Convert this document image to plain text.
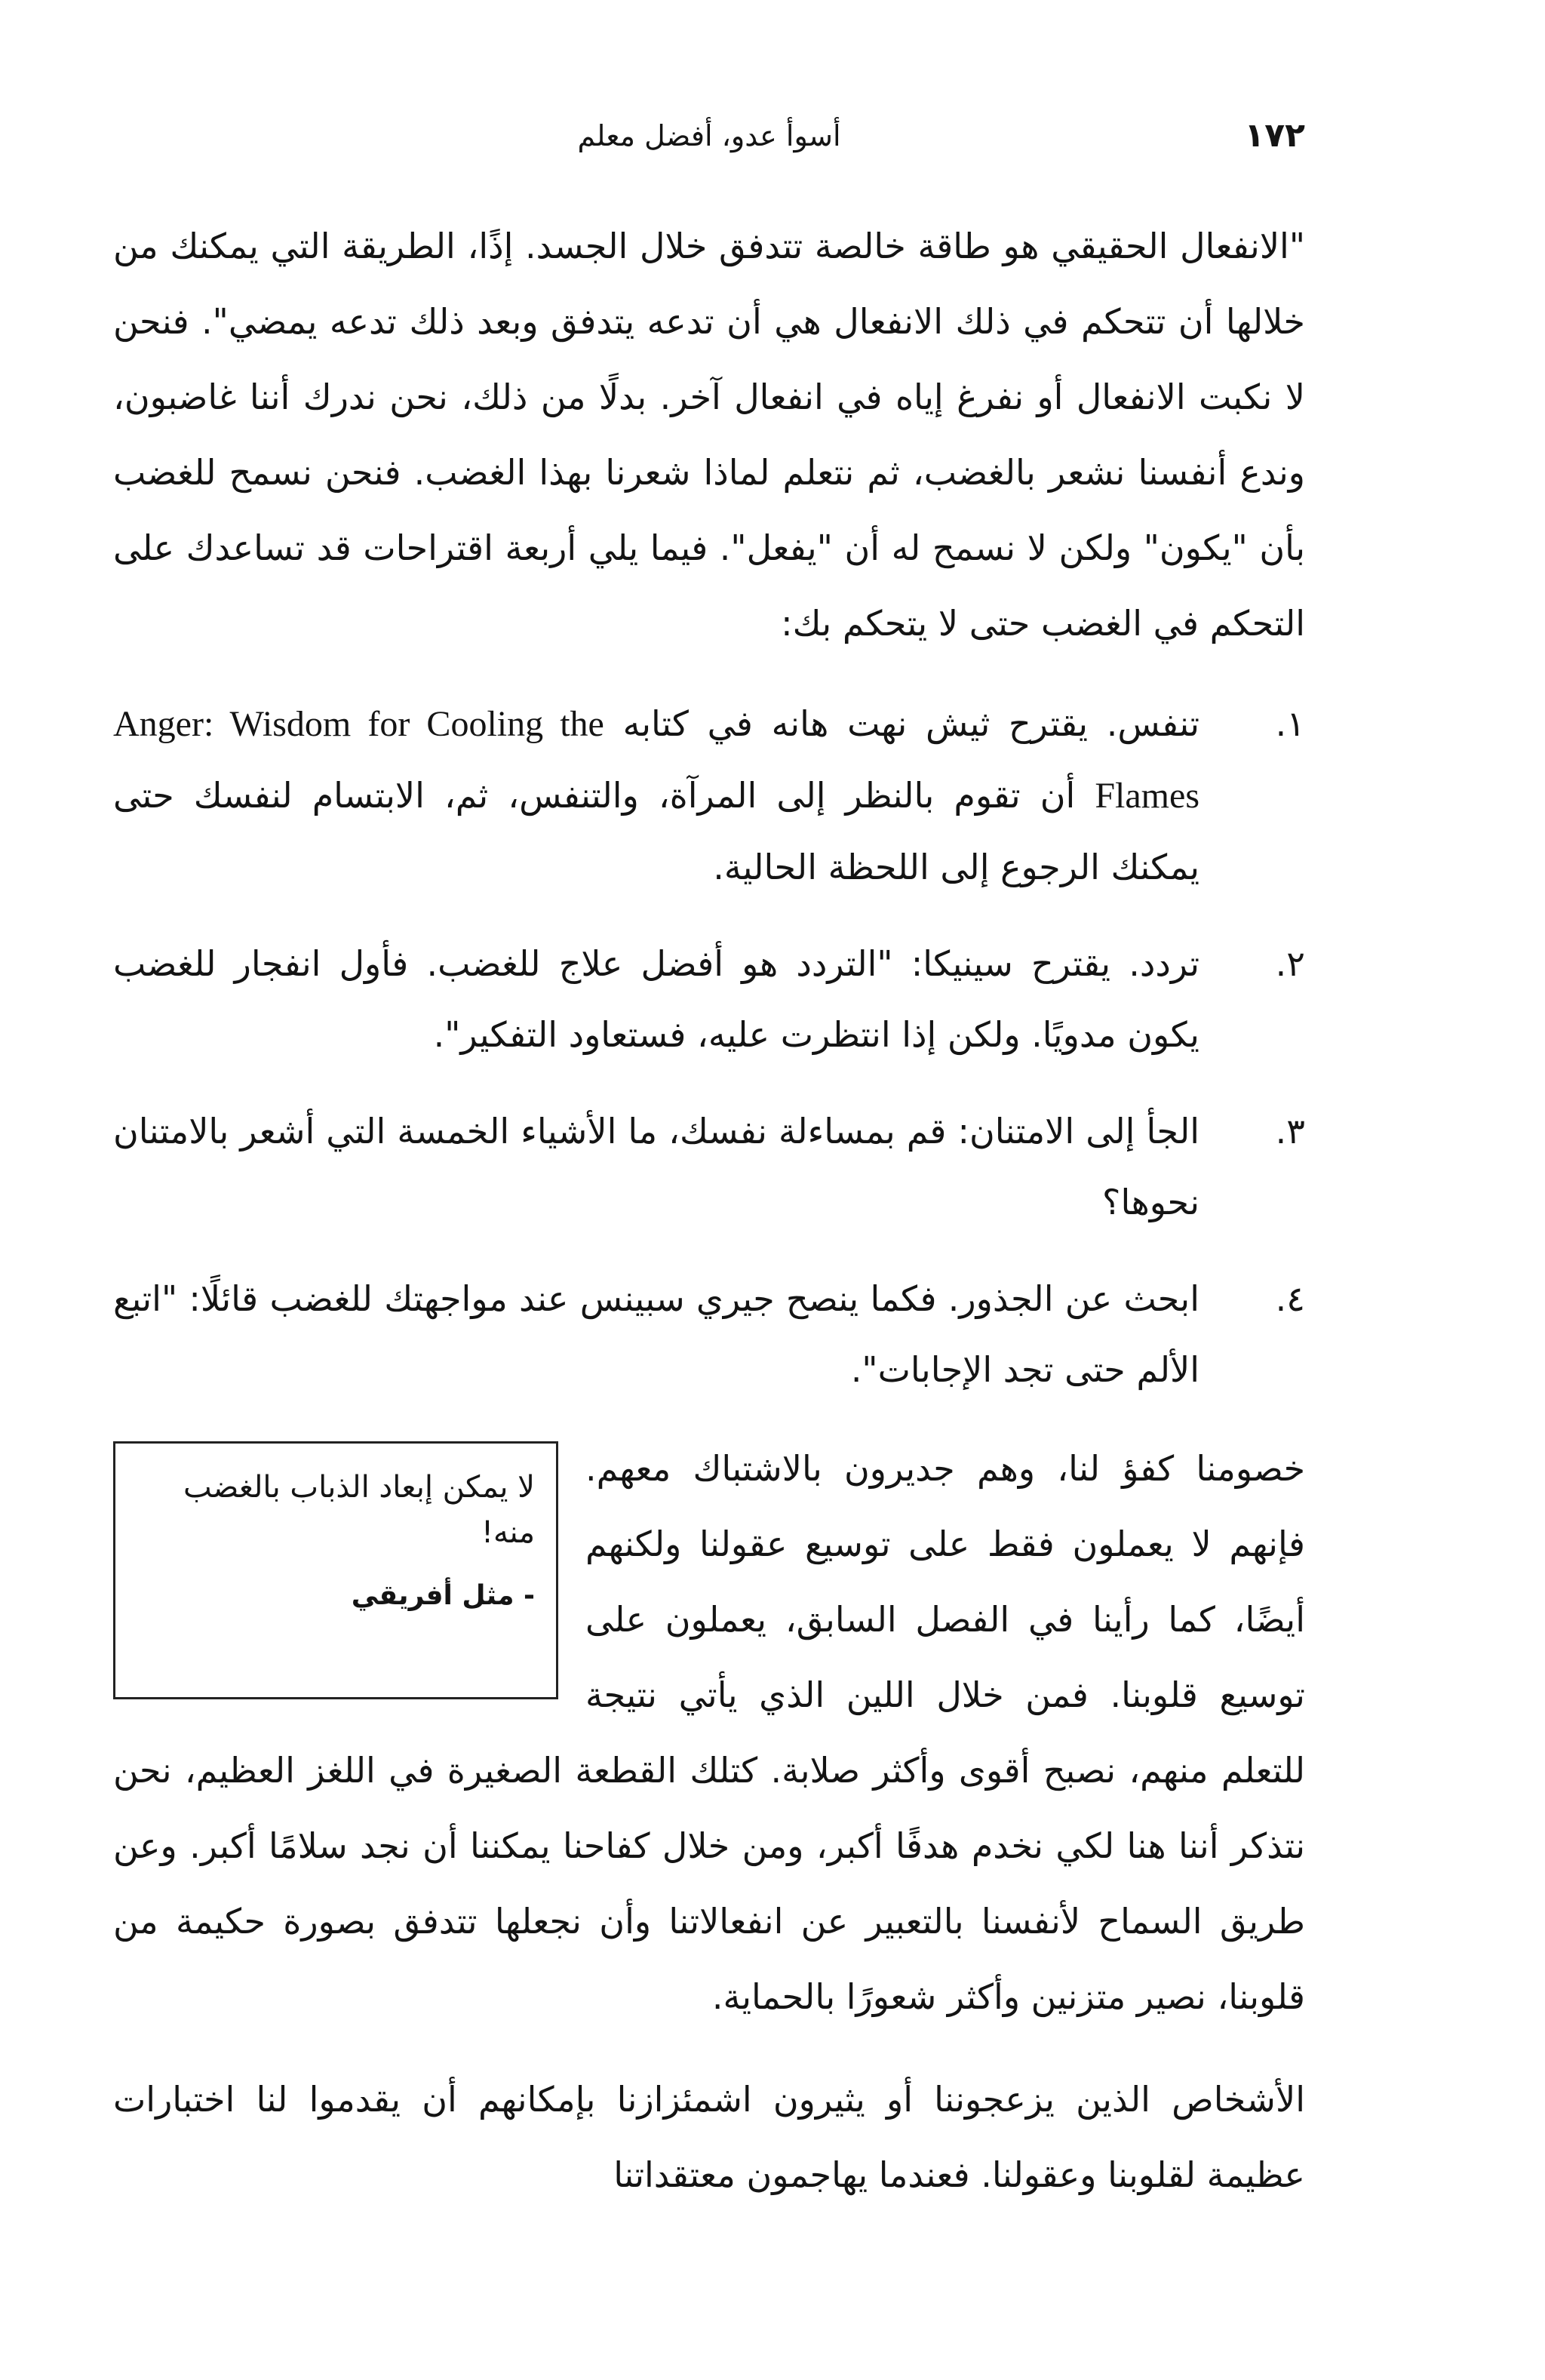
١٧٢
أسوأ عدو، أفضل معلم

"الانفعال الحقيقي هو طاقة خالصة تتدفق خلال الجسد. إذًا، الطريقة التي يمكنك من خلالها أن تتحكم في ذلك الانفعال هي أن تدعه يتدفق وبعد ذلك تدعه يمضي". فنحن لا نكبت الانفعال أو نفرغ إياه في انفعال آخر. بدلًا من ذلك، نحن ندرك أننا غاضبون، وندع أنفسنا نشعر بالغضب، ثم نتعلم لماذا شعرنا بهذا الغضب. فنحن نسمح للغضب بأن "يكون" ولكن لا نسمح له أن "يفعل". فيما يلي أربعة اقتراحات قد تساعدك على التحكم في الغضب حتى لا يتحكم بك:

١.
تنفس. يقترح ثيش نهت هانه في كتابه Anger: Wisdom for Cooling the Flames أن تقوم بالنظر إلى المرآة، والتنفس، ثم، الابتسام لنفسك حتى يمكنك الرجوع إلى اللحظة الحالية.
٢.
تردد. يقترح سينيكا: "التردد هو أفضل علاج للغضب. فأول انفجار للغضب يكون مدويًا. ولكن إذا انتظرت عليه، فستعاود التفكير".
٣.
الجأ إلى الامتنان: قم بمساءلة نفسك، ما الأشياء الخمسة التي أشعر بالامتنان نحوها؟
٤.
ابحث عن الجذور. فكما ينصح جيري سبينس عند مواجهتك للغضب قائلًا: "اتبع الألم حتى تجد الإجابات".
لا يمكن إبعاد الذباب بالغضب منه!
- مثل أفريقي

خصومنا كفؤ لنا، وهم جديرون بالاشتباك معهم. فإنهم لا يعملون فقط على توسيع عقولنا ولكنهم أيضًا، كما رأينا في الفصل السابق، يعملون على توسيع قلوبنا. فمن خلال اللين الذي يأتي نتيجة للتعلم منهم، نصبح أقوى وأكثر صلابة. كتلك القطعة الصغيرة في اللغز العظيم، نحن نتذكر أننا هنا لكي نخدم هدفًا أكبر، ومن خلال كفاحنا يمكننا أن نجد سلامًا أكبر. وعن طريق السماح لأنفسنا بالتعبير عن انفعالاتنا وأن نجعلها تتدفق بصورة حكيمة من قلوبنا، نصير متزنين وأكثر شعورًا بالحماية.

الأشخاص الذين يزعجوننا أو يثيرون اشمئزازنا بإمكانهم أن يقدموا لنا اختبارات عظيمة لقلوبنا وعقولنا. فعندما يهاجمون معتقداتنا
